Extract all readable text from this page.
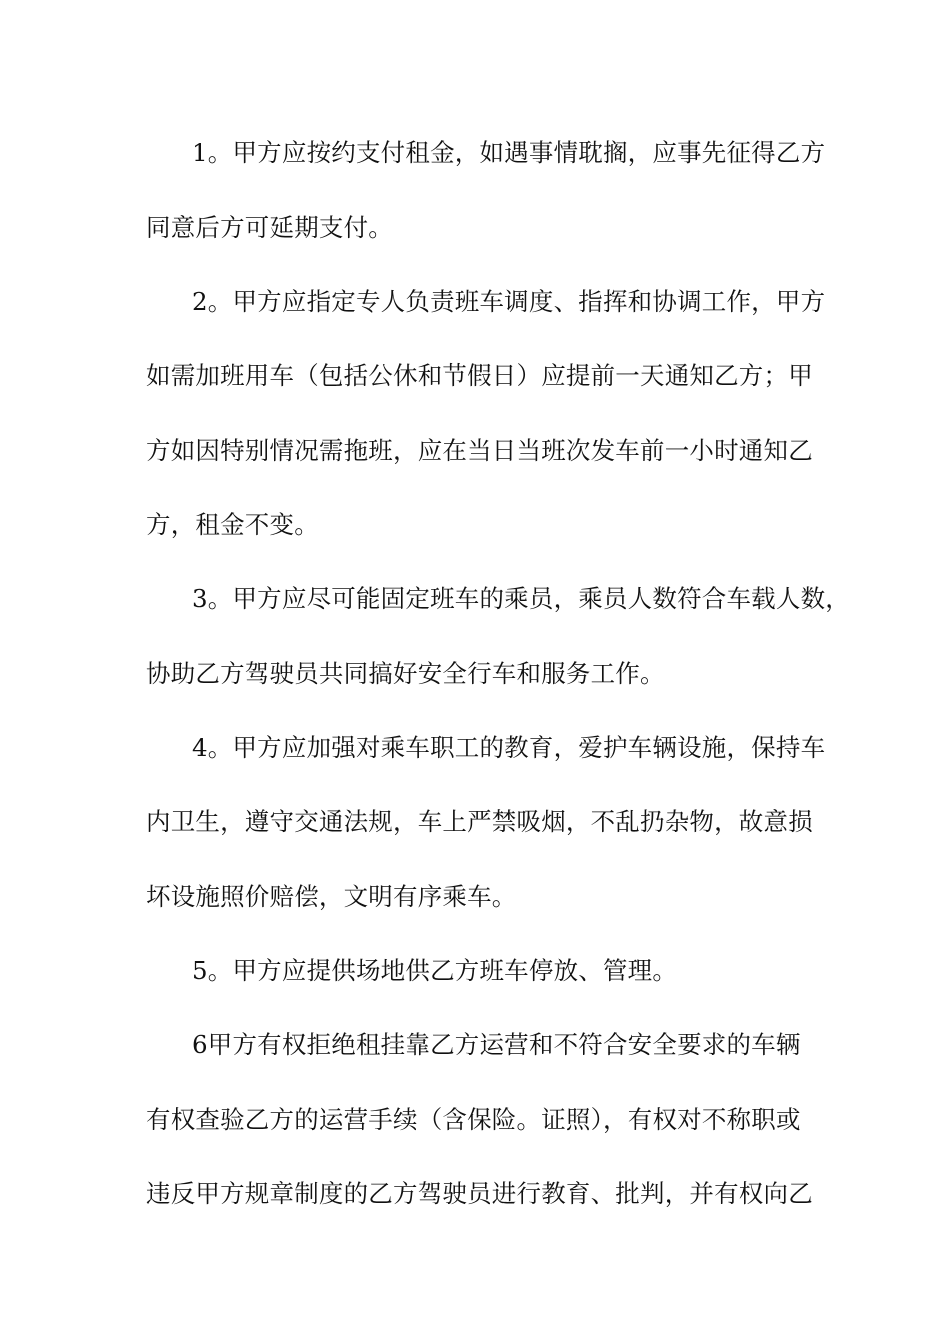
1。甲方应按约支付租金，如遇事情耽搁，应事先征得乙方
同意后方可延期支付。
2。甲方应指定专人负责班车调度、指挥和协调工作，甲方
如需加班用车（包括公休和节假日）应提前一天通知乙方；甲
方如因特别情况需拖班，应在当日当班次发车前一小时通知乙
方，租金不变。
3。甲方应尽可能固定班车的乘员，乘员人数符合车载人数，
协助乙方驾驶员共同搞好安全行车和服务工作。
4。甲方应加强对乘车职工的教育，爱护车辆设施，保持车
内卫生，遵守交通法规，车上严禁吸烟，不乱扔杂物，故意损
坏设施照价赔偿，文明有序乘车。
5。甲方应提供场地供乙方班车停放、管理。
6甲方有权拒绝租挂靠乙方运营和不符合安全要求的车辆
有权查验乙方的运营手续（含保险。证照），有权对不称职或
违反甲方规章制度的乙方驾驶员进行教育、批判，并有权向乙
